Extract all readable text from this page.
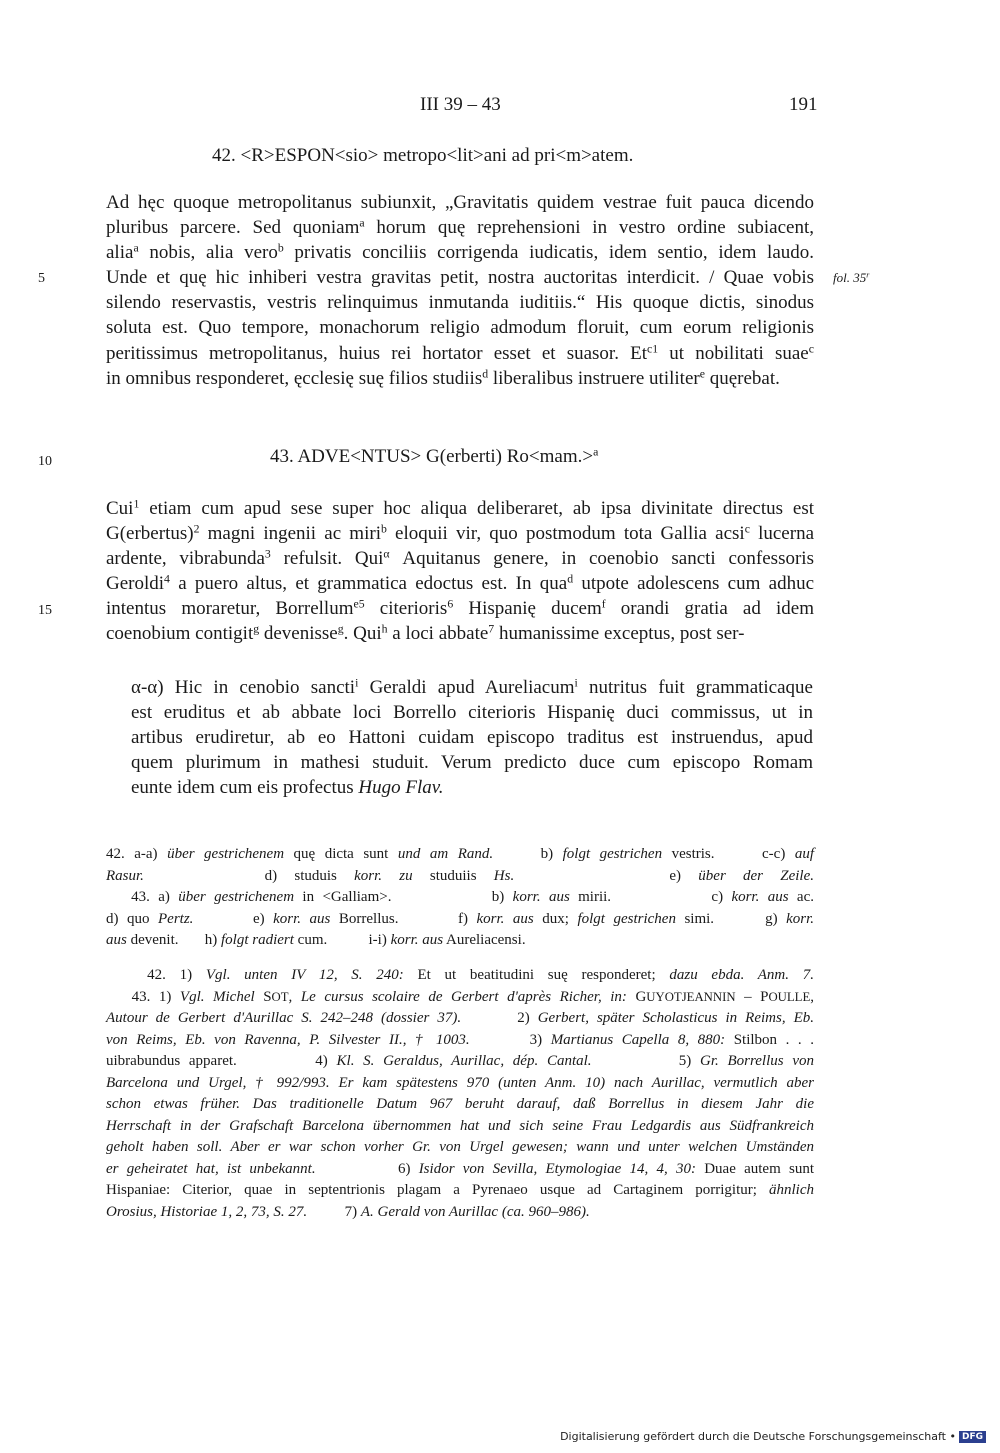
III 39 – 43	191
42. <R>ESPON<sio> metropo<lit>ani ad pri<m>atem.
Ad hęc quoque metropolitanus subiunxit, „Gravitatis quidem vestrae fuit pauca dicendo
pluribus parcere. Sed quoniam$^a$ horum quę reprehensioni in vestro ordine subiacent,
alia$^a$ nobis, alia vero$^b$ privatis conciliis corrigenda iudicatis, idem sentio, idem laudo.
Unde et quę hic inhiberi vestra gravitas petit, nostra auctoritas interdicit. / Quae vobis
silendo reservastis, vestris relinquimus inmutanda iuditiis.“ His quoque dictis, sinodus
soluta est. Quo tempore, monachorum religio admodum floruit, cum eorum religionis
peritissimus metropolitanus, huius rei hortator esset et suasor. $Et^{c1}$ ut nobilitati suae$^c$
in omnibus responderet, ęcclesię suę filios studiis$^d$ liberalibus instruere utiliter$^e$ quęrebat.
fol. 35$^r$
5
10
15
43. ADVE<NTUS> G(erberti) Ro<mam.>$^a$
Cui$^1$ etiam cum apud sese super hoc aliqua deliberaret, ab ipsa divinitate directus est
G(erbertus)$^2$ magni ingenii ac miri$^b$ eloquii vir, quo postmodum tota Gallia acsi$^c$ lucerna
ardente, vibrabunda$^3$ refulsit. Qui$^\alpha$ Aquitanus genere, in coenobio sancti confessoris
Geroldi$^4$ a puero altus, et grammatica edoctus est. In qua$^d$ utpote adolescens cum adhuc
intentus moraretur, Borrellum$^{e5}$ citerioris$^6$ Hispanię ducem$^f$ orandi gratia ad idem
coenobium contigit$^g$ devenisse$^g$. Qui$^h$ a loci abbate$^7$ humanissime exceptus, post ser-
α-α) Hic in cenobio sancti$^i$ Geraldi apud Aureliacum$^i$ nutritus fuit grammaticaque
est eruditus et ab abbate loci Borrello citerioris Hispanię duci commissus, ut in
artibus erudiretur, ab eo Hattoni cuidam episcopo traditus est instruendus, apud
quem plurimum in mathesi studuit. Verum predicto duce cum episcopo Romam
eunte idem cum eis profectus Hugo Flav.
42. a-a) über gestrichenem quę dicta sunt und am Rand.     b) folgt gestrichen vestris.     c-c) auf
Rasur.       d) studuis korr. zu studuiis Hs.         e) über der Zeile.
43. a) über gestrichenem in <Galliam>.            b) korr. aus mirii.            c) korr. aus ac.
d) quo Pertz.       e) korr. aus Borrellus.       f) korr. aus dux; folgt gestrichen simi.      g) korr.
aus devenit.       h) folgt radiert cum.           i-i) korr. aus Aureliacensi.
42. 1) Vgl. unten IV 12, S. 240: Et ut beatitudini suę responderet; dazu ebda. Anm. 7.
43. 1) Vgl. Michel SOT, Le cursus scolaire de Gerbert d'après Richer, in: GUYOTJEANNIN – POULLE,
Autour de Gerbert d'Aurillac S. 242–248 (dossier 37).       2) Gerbert, später Scholasticus in Reims, Eb.
von Reims, Eb. von Ravenna, P. Silvester II., † 1003.       3) Martianus Capella 8, 880: Stilbon . . .
uibrabundus apparet.         4) Kl. S. Geraldus, Aurillac, dép. Cantal.          5) Gr. Borrellus von
Barcelona und Urgel, † 992/993. Er kam spätestens 970 (unten Anm. 10) nach Aurillac, vermutlich aber
schon etwas früher. Das traditionelle Datum 967 beruht darauf, daß Borrellus in diesem Jahr die
Herrschaft in der Grafschaft Barcelona übernommen hat und sich seine Frau Ledgardis aus Südfrankreich
geholt haben soll. Aber er war schon vorher Gr. von Urgel gewesen; wann und unter welchen Umständen
er geheiratet hat, ist unbekannt.          6) Isidor von Sevilla, Etymologiae 14, 4, 30: Duae autem sunt
Hispaniae: Citerior, quae in septentrionis plagam a Pyrenaeo usque ad Cartaginem porrigitur; ähnlich
Orosius, Historiae 1, 2, 73, S. 27.          7) A. Gerald von Aurillac (ca. 960–986).
Digitalisierung gefördert durch die Deutsche Forschungsgemeinschaft • DFG
